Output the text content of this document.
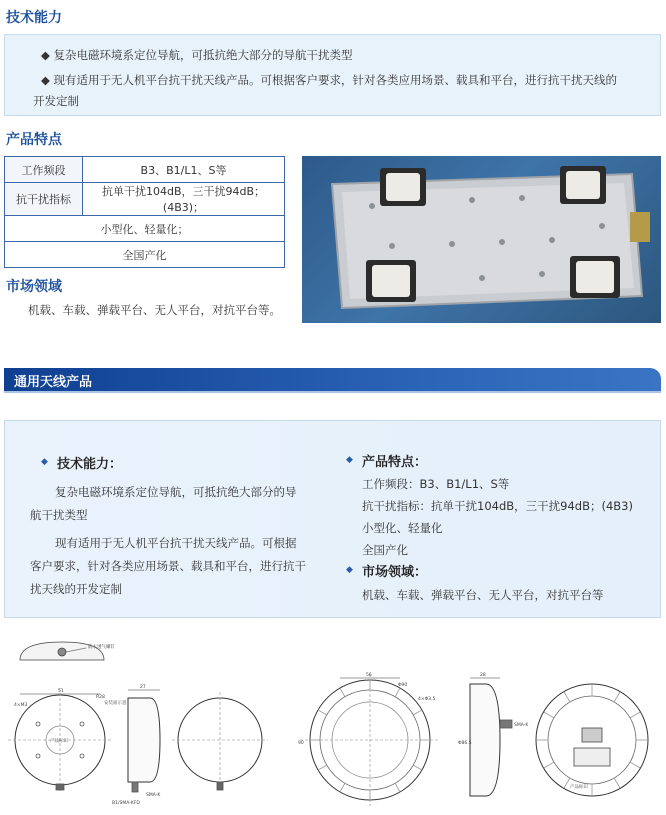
技术能力
◆ 复杂电磁环境系定位导航，可抵抗绝大部分的导航干扰类型
◆ 现有适用于无人机平台抗干扰天线产品。可根据客户要求，针对各类应用场景、载具和平台，进行抗干扰天线的
开发定制
产品特点
工作频段	B3、B1/L1、S等
抗干扰指标	抗单干扰104dB，三干扰94dB；(4B3)；
小型化、轻量化；	
全国产化	
市场领域
机载、车载、弹载平台、无人平台，对抗平台等。
通用天线产品
◆ 技术能力：
复杂电磁环境系定位导航，可抵抗绝大部分的导
航干扰类型
现有适用于无人机平台抗干扰天线产品。可根据
客户要求，针对各类应用场景、载具和平台，进行抗干
扰天线的开发定制
◆ 产品特点：
工作频段：B3、B1/L1、S等
抗干扰指标：抗单干扰104dB，三干扰94dB；(4B3)
小型化、轻量化
全国产化
◆ 市场领域：
机载、车载、弹载平台、无人平台，对抗平台等
防水透气螺钉
51
R28
4×M3
产品标识
安装面示意
27
SMA-K
B1/SMA-KFD
56
Φ90
4×Φ3.5
90
28
SMA-K
Φ86.5
产品标识
